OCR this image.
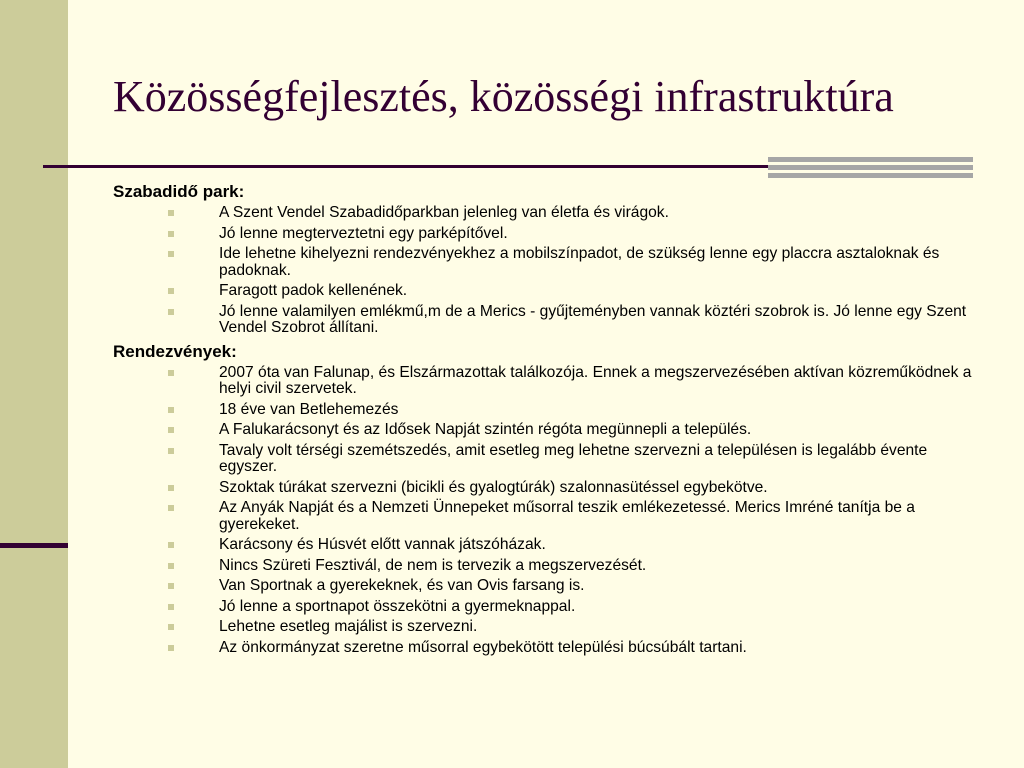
Közösségfejlesztés, közösségi infrastruktúra
Szabadidő park:
A Szent Vendel Szabadidőparkban jelenleg van életfa és virágok.
Jó lenne megterveztetni egy parképítővel.
Ide lehetne kihelyezni rendezvényekhez a mobilszínpadot, de szükség lenne egy placcra asztaloknak és padoknak.
Faragott padok kellenének.
Jó lenne valamilyen emlékmű,m de a Merics - gyűjteményben vannak köztéri szobrok is. Jó lenne egy Szent Vendel Szobrot állítani.
Rendezvények:
2007 óta van Falunap, és Elszármazottak találkozója. Ennek a megszervezésében aktívan közreműködnek a helyi civil szervetek.
18 éve van Betlehemezés
A Falukarácsonyt és az Idősek Napját szintén régóta megünnepli a település.
Tavaly volt térségi szemétszedés, amit esetleg meg lehetne szervezni a településen is legalább évente egyszer.
Szoktak túrákat szervezni (bicikli és gyalogtúrák) szalonnasütéssel egybekötve.
Az Anyák Napját és a Nemzeti Ünnepeket műsorral teszik emlékezetessé. Merics Imréné tanítja be a gyerekeket.
Karácsony és Húsvét előtt vannak játszóházak.
Nincs Szüreti Fesztivál, de nem is tervezik a megszervezését.
Van Sportnak a gyerekeknek, és van Ovis farsang is.
Jó lenne a sportnapot összekötni a gyermeknappal.
Lehetne esetleg majálist is szervezni.
Az önkormányzat szeretne műsorral egybekötött települési búcsúbált tartani.
